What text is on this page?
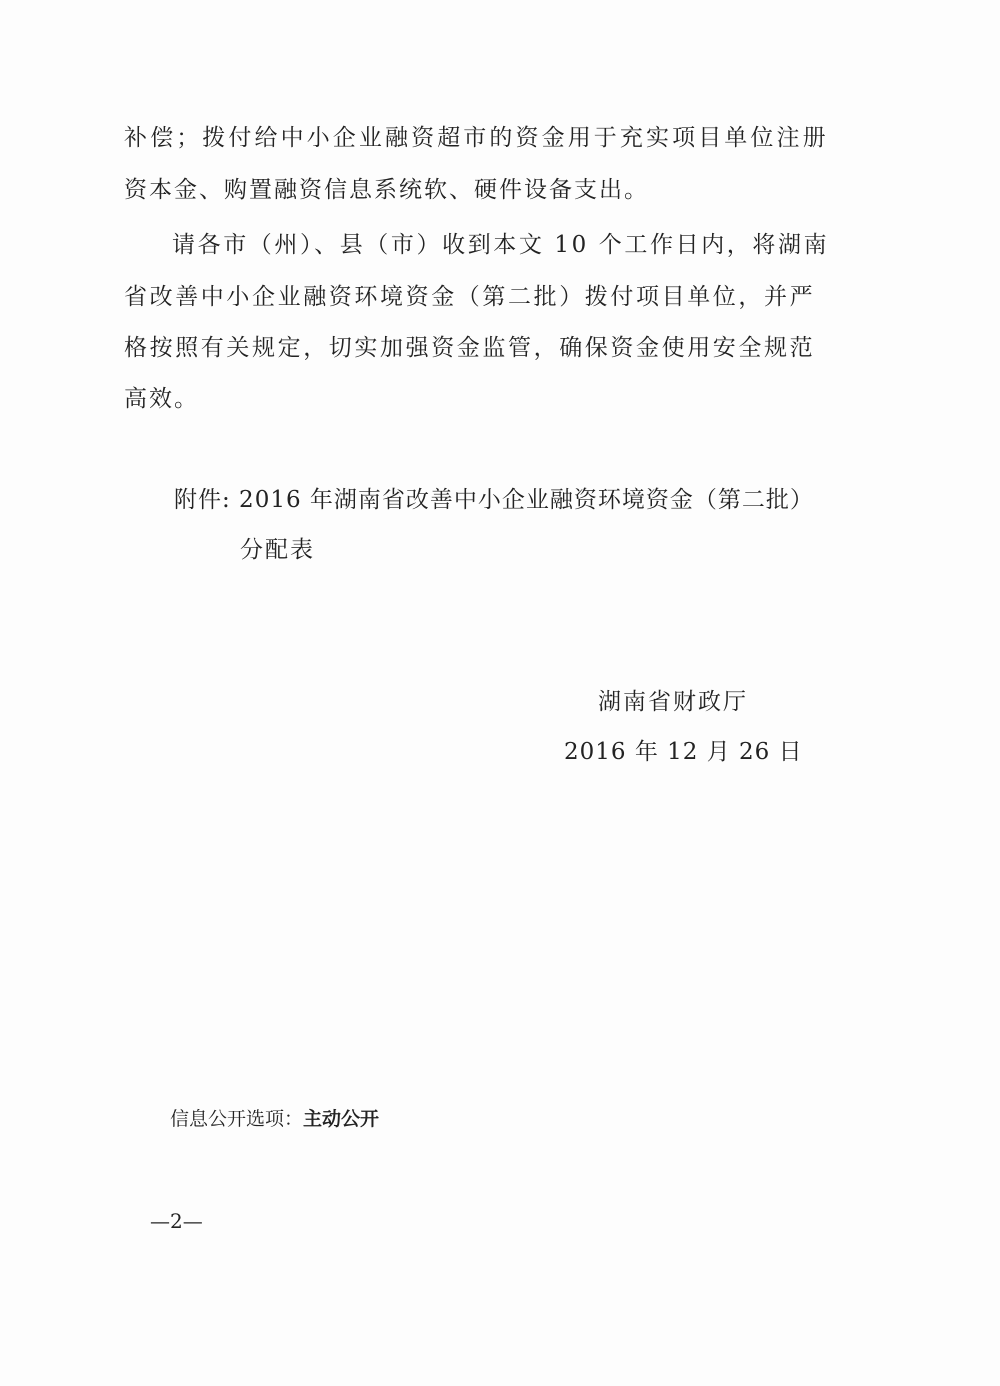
补偿；拨付给中小企业融资超市的资金用于充实项目单位注册
资本金、购置融资信息系统软、硬件设备支出。
请各市（州）、县（市）收到本文 10 个工作日内，将湖南
省改善中小企业融资环境资金（第二批）拨付项目单位，并严
格按照有关规定，切实加强资金监管，确保资金使用安全规范
高效。
附件: 2016 年湖南省改善中小企业融资环境资金（第二批）
分配表
湖南省财政厅
2016 年 12 月 26 日
信息公开选项：主动公开
—2—
